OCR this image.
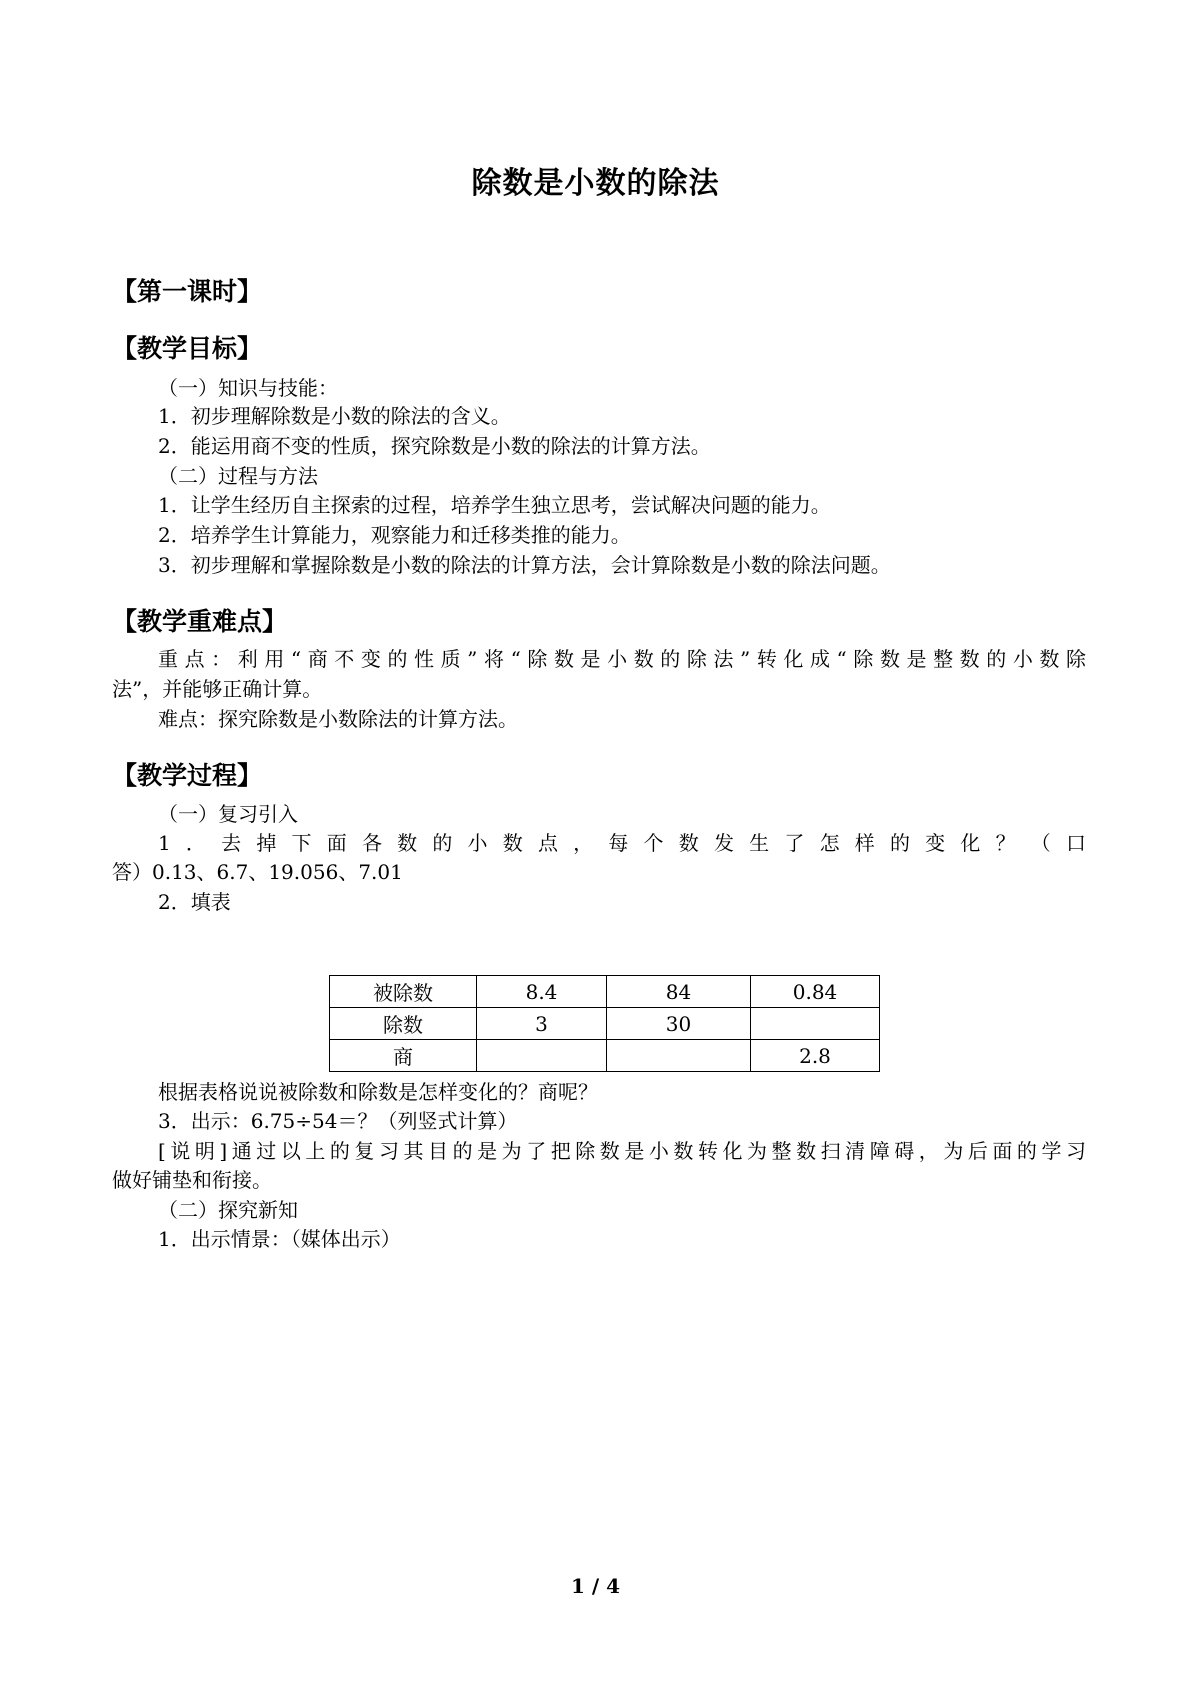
除数是小数的除法
【第一课时】
【教学目标】
（一）知识与技能：
1．初步理解除数是小数的除法的含义。
2．能运用商不变的性质，探究除数是小数的除法的计算方法。
（二）过程与方法
1．让学生经历自主探索的过程，培养学生独立思考，尝试解决问题的能力。
2．培养学生计算能力，观察能力和迁移类推的能力。
3．初步理解和掌握除数是小数的除法的计算方法，会计算除数是小数的除法问题。
【教学重难点】
重点：利用“商不变的性质”将“除数是小数的除法”转化成“除数是整数的小数除
法”，并能够正确计算。
难点：探究除数是小数除法的计算方法。
【教学过程】
（一）复习引入
1．去掉下面各数的小数点，每个数发生了怎样的变化？（口
答）0.13、6.7、19.056、7.01
2．填表
被除数	8.4	84	0.84
除数	3	30	
商			2.8
根据表格说说被除数和除数是怎样变化的？商呢？
3．出示：6.75÷54＝？（列竖式计算）
[说明]通过以上的复习其目的是为了把除数是小数转化为整数扫清障碍，为后面的学习
做好铺垫和衔接。
（二）探究新知
1．出示情景：（媒体出示）
1 / 4
